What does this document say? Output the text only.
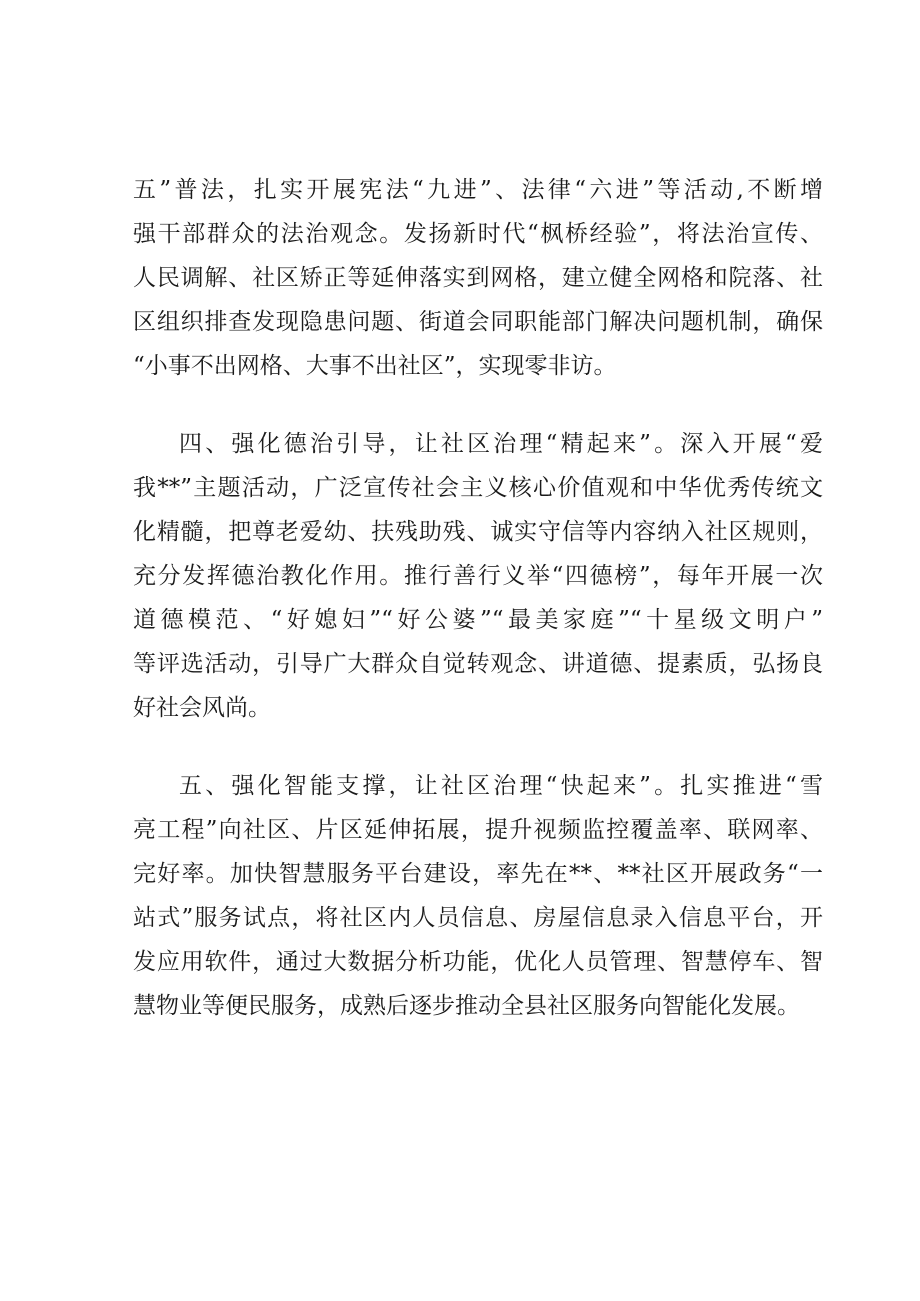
五”普法，扎实开展宪法“九进”、法律“六进”等活动,不断增
强干部群众的法治观念。发扬新时代“枫桥经验”，将法治宣传、
人民调解、社区矫正等延伸落实到网格，建立健全网格和院落、社
区组织排查发现隐患问题、街道会同职能部门解决问题机制，确保
“小事不出网格、大事不出社区”，实现零非访。
四、强化德治引导，让社区治理“精起来”。深入开展“爱
我**”主题活动，广泛宣传社会主义核心价值观和中华优秀传统文
化精髓，把尊老爱幼、扶残助残、诚实守信等内容纳入社区规则，
充分发挥德治教化作用。推行善行义举“四德榜”，每年开展一次
道德模范、“好媳妇”“好公婆”“最美家庭”“十星级文明户”
等评选活动，引导广大群众自觉转观念、讲道德、提素质，弘扬良
好社会风尚。
五、强化智能支撑，让社区治理“快起来”。扎实推进“雪
亮工程”向社区、片区延伸拓展，提升视频监控覆盖率、联网率、
完好率。加快智慧服务平台建设，率先在**、**社区开展政务“一
站式”服务试点，将社区内人员信息、房屋信息录入信息平台，开
发应用软件，通过大数据分析功能，优化人员管理、智慧停车、智
慧物业等便民服务，成熟后逐步推动全县社区服务向智能化发展。
